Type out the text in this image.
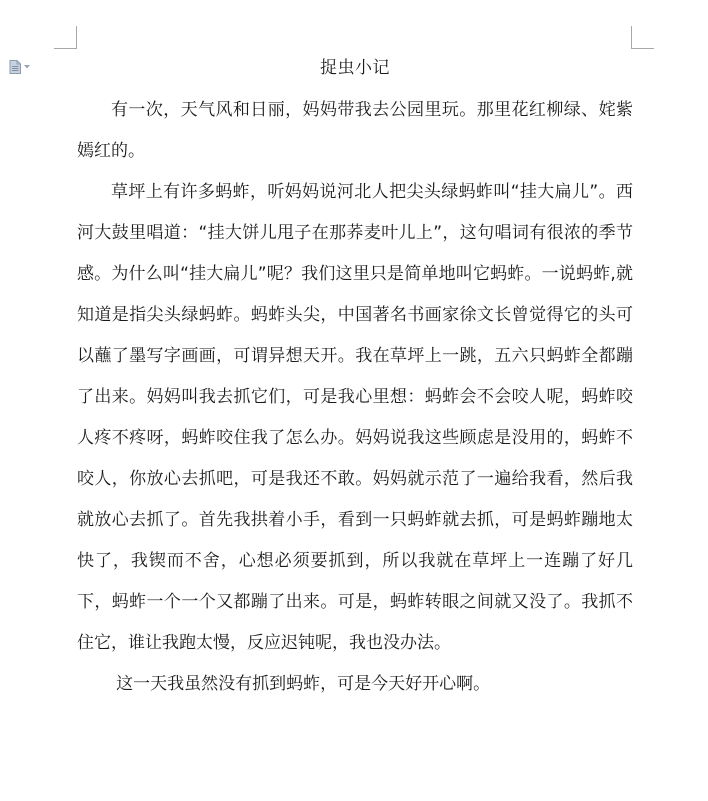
捉虫小记

有一次，天气风和日丽，妈妈带我去公园里玩。那里花红柳绿、姹紫嫣红的。

草坪上有许多蚂蚱，听妈妈说河北人把尖头绿蚂蚱叫“挂大扁儿”。西河大鼓里唱道：“挂大饼儿甩子在那荞麦叶儿上”，这句唱词有很浓的季节感。为什么叫“挂大扁儿”呢？我们这里只是简单地叫它蚂蚱。一说蚂蚱,就知道是指尖头绿蚂蚱。蚂蚱头尖，中国著名书画家徐文长曾觉得它的头可以蘸了墨写字画画，可谓异想天开。我在草坪上一跳，五六只蚂蚱全都蹦了出来。妈妈叫我去抓它们，可是我心里想：蚂蚱会不会咬人呢，蚂蚱咬人疼不疼呀，蚂蚱咬住我了怎么办。妈妈说我这些顾虑是没用的，蚂蚱不咬人，你放心去抓吧，可是我还不敢。妈妈就示范了一遍给我看，然后我就放心去抓了。首先我拱着小手，看到一只蚂蚱就去抓，可是蚂蚱蹦地太快了，我锲而不舍，心想必须要抓到，所以我就在草坪上一连蹦了好几下，蚂蚱一个一个又都蹦了出来。可是，蚂蚱转眼之间就又没了。我抓不住它，谁让我跑太慢，反应迟钝呢，我也没办法。

这一天我虽然没有抓到蚂蚱，可是今天好开心啊。
